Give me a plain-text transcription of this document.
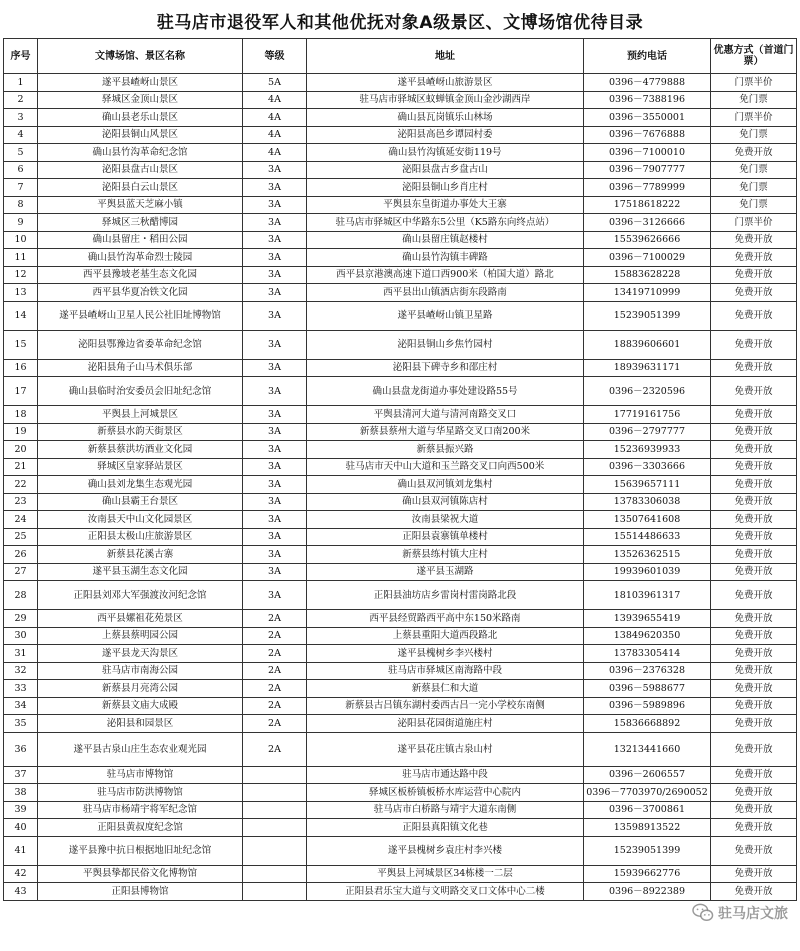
驻马店市退役军人和其他优抚对象A级景区、文博场馆优待目录
序号	文博场馆、景区名称	等级	地址	预约电话	优惠方式（首道门票）
1	遂平县嵖岈山景区	5A	遂平县嵖岈山旅游景区	0396－4779888	门票半价
2	驿城区金顶山景区	4A	驻马店市驿城区蚊蝉镇金顶山金沙湖西岸	0396－7388196	免门票
3	确山县老乐山景区	4A	确山县瓦岗镇乐山林场	0396－3550001	门票半价
4	泌阳县铜山风景区	4A	泌阳县高邑乡谭园村委	0396－7676888	免门票
5	确山县竹沟革命纪念馆	4A	确山县竹沟镇延安街119号	0396－7100010	免费开放
6	泌阳县盘古山景区	3A	泌阳县盘古乡盘古山	0396－7907777	免门票
7	泌阳县白云山景区	3A	泌阳县铜山乡肖庄村	0396－7789999	免门票
8	平舆县蓝天芝麻小镇	3A	平舆县东皇街道办事处大王寨	17518618222	免门票
9	驿城区三秋醋博园	3A	驻马店市驿城区中华路东5公里（K5路东向终点站）	0396－3126666	门票半价
10	确山县留庄・稻田公园	3A	确山县留庄镇赵楼村	15539626666	免费开放
11	确山县竹沟革命烈士陵园	3A	确山县竹沟镇丰碑路	0396－7100029	免费开放
12	西平县豫坡老基生态文化园	3A	西平县京港澳高速下道口西900米（柏国大道）路北	15883628228	免费开放
13	西平县华夏冶铁文化园	3A	西平县出山镇酒店街东段路南	13419710999	免费开放
14	遂平县嵖岈山卫星人民公社旧址博物馆	3A	遂平县嵖岈山镇卫星路	15239051399	免费开放
15	泌阳县鄂豫边省委革命纪念馆	3A	泌阳县铜山乡焦竹园村	18839606601	免费开放
16	泌阳县角子山马术俱乐部	3A	泌阳县下碑寺乡和邵庄村	18939631171	免费开放
17	确山县临时治安委员会旧址纪念馆	3A	确山县盘龙街道办事处建设路55号	0396－2320596	免费开放
18	平舆县上河城景区	3A	平舆县清河大道与清河南路交叉口	17719161756	免费开放
19	新蔡县水韵天街景区	3A	新蔡县蔡州大道与华星路交叉口南200米	0396－2797777	免费开放
20	新蔡县蔡洪坊酒业文化园	3A	新蔡县振兴路	15236939933	免费开放
21	驿城区皇家驿站景区	3A	驻马店市天中山大道和玉兰路交叉口向西500米	0396－3303666	免费开放
22	确山县刘龙集生态观光园	3A	确山县双河镇刘龙集村	15639657111	免费开放
23	确山县霸王台景区	3A	确山县双河镇陈店村	13783306038	免费开放
24	汝南县天中山文化园景区	3A	汝南县梁祝大道	13507641608	免费开放
25	正阳县太极山庄旅游景区	3A	正阳县袁寨镇单楼村	15514486633	免费开放
26	新蔡县花溪古寨	3A	新蔡县练村镇大庄村	13526362515	免费开放
27	遂平县玉湖生态文化园	3A	遂平县玉湖路	19939601039	免费开放
28	正阳县刘邓大军强渡汝河纪念馆	3A	正阳县油坊店乡雷岗村雷岗路北段	18103961317	免费开放
29	西平县嫘祖花苑景区	2A	西平县经贸路西平高中东150米路南	13939655419	免费开放
30	上蔡县蔡明园公园	2A	上蔡县重阳大道西段路北	13849620350	免费开放
31	遂平县龙天沟景区	2A	遂平县槐树乡李兴楼村	13783305414	免费开放
32	驻马店市南海公园	2A	驻马店市驿城区南海路中段	0396－2376328	免费开放
33	新蔡县月亮湾公园	2A	新蔡县仁和大道	0396－5988677	免费开放
34	新蔡县文庙大成殿	2A	新蔡县古吕镇东湖村委西古吕一完小学校东南侧	0396－5989896	免费开放
35	泌阳县和园景区	2A	泌阳县花园街道施庄村	15836668892	免费开放
36	遂平县古泉山庄生态农业观光园	2A	遂平县花庄镇古泉山村	13213441660	免费开放
37	驻马店市博物馆		驻马店市通达路中段	0396－2606557	免费开放
38	驻马店市防洪博物馆		驿城区板桥镇板桥水库运营中心院内	0396－7703970/2690052	免费开放
39	驻马店市杨靖宇将军纪念馆		驻马店市白桥路与靖宇大道东南侧	0396－3700861	免费开放
40	正阳县黄叔度纪念馆		正阳县真阳镇文化巷	13598913522	免费开放
41	遂平县豫中抗日根据地旧址纪念馆		遂平县槐树乡袁庄村李兴楼	15239051399	免费开放
42	平舆县挚都民俗文化博物馆		平舆县上河城景区34栋楼一二层	15939662776	免费开放
43	正阳县博物馆		正阳县君乐宝大道与文明路交叉口文体中心二楼	0396－8922389	免费开放
驻马店文旅
